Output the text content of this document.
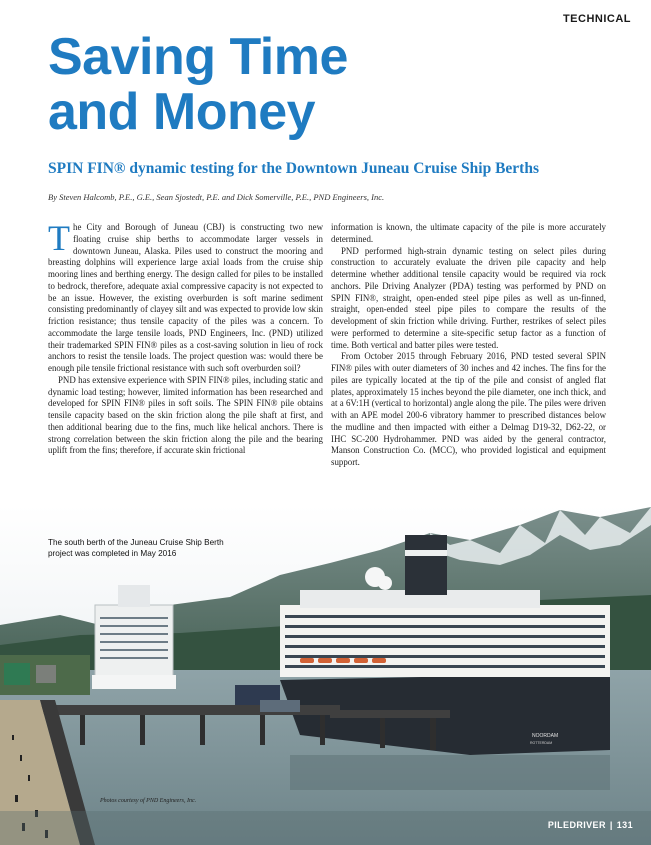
TECHNICAL
Saving Time
and Money
SPIN FIN® dynamic testing for the Downtown Juneau Cruise Ship Berths
By Steven Halcomb, P.E., G.E., Sean Sjostedt, P.E. and Dick Somerville, P.E., PND Engineers, Inc.

The City and Borough of Juneau (CBJ) is constructing two new floating cruise ship berths to accommodate larger vessels in downtown Juneau, Alaska. Piles used to construct the mooring and breasting dolphins will experience large axial loads from the cruise ship mooring lines and berthing energy. The design called for piles to be installed to bedrock, therefore, adequate axial compressive capacity is not expected to be an issue. However, the existing overburden is soft marine sediment consisting predominantly of clayey silt and was expected to provide low skin friction resistance; thus tensile capacity of the piles was a concern. To accommodate the large tensile loads, PND Engineers, Inc. (PND) utilized their trademarked SPIN FIN® piles as a cost-saving solution in lieu of rock anchors to resist the tensile loads. The project question was: would there be enough pile tensile frictional resistance with such soft overburden soil?

PND has extensive experience with SPIN FIN® piles, including static and dynamic load testing; however, limited information has been researched and developed for SPIN FIN® piles in soft soils. The SPIN FIN® pile obtains tensile capacity based on the skin friction along the pile shaft at first, and then additional bearing due to the fins, much like helical anchors. There is strong correlation between the skin friction along the pile and the bearing uplift from the fins; therefore, if accurate skin frictional

information is known, the ultimate capacity of the pile is more accurately determined.

PND performed high-strain dynamic testing on select piles during construction to accurately evaluate the driven pile capacity and help determine whether additional tensile capacity would be required via rock anchors. Pile Driving Analyzer (PDA) testing was performed by PND on SPIN FIN®, straight, open-ended steel pipe piles as well as un-finned, straight, open-ended steel pipe piles to compare the results of the development of skin friction while driving. Further, restrikes of select piles were performed to determine a site-specific setup factor as a function of time. Both vertical and batter piles were tested.

From October 2015 through February 2016, PND tested several SPIN FIN® piles with outer diameters of 30 inches and 42 inches. The fins for the piles are typically located at the tip of the pile and consist of angled flat plates, approximately 15 inches beyond the pile diameter, one inch thick, and at a 6V:1H (vertical to horizontal) angle along the pile. The piles were driven with an APE model 200-6 vibratory hammer to prescribed distances below the mudline and then impacted with either a Delmag D19-32, D62-22, or IHC SC-200 Hydrohammer. PND was aided by the general contractor, Manson Construction Co. (MCC), who provided logistical and equipment support.

NOORDAM
ROTTERDAM
The south berth of the Juneau Cruise Ship Berth project was completed in May 2016
Photos courtesy of PND Engineers, Inc.
PILEDRIVER | 131
